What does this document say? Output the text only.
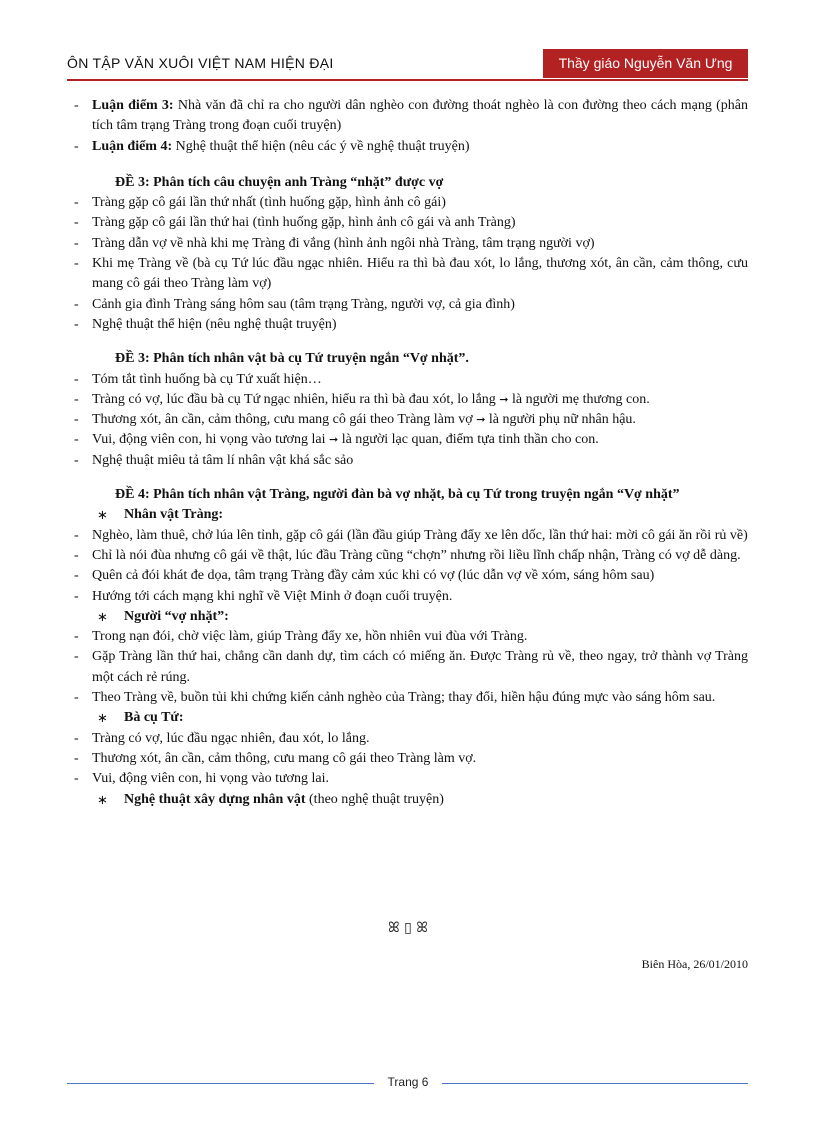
ÔN TẬP VĂN XUÔI VIỆT NAM HIỆN ĐẠI	Thầy giáo Nguyễn Văn Ưng

- Luận điểm 3: Nhà văn đã chỉ ra cho người dân nghèo con đường thoát nghèo là con đường theo cách mạng (phân tích tâm trạng Tràng trong đoạn cuối truyện)

- Luận điểm 4: Nghệ thuật thể hiện (nêu các ý về nghệ thuật truyện)

ĐỀ 3: Phân tích câu chuyện anh Tràng “nhặt” được vợ

- Tràng gặp cô gái lần thứ nhất (tình huống gặp, hình ảnh cô gái)

- Tràng gặp cô gái lần thứ hai (tình huống gặp, hình ảnh cô gái và anh Tràng)

- Tràng dẫn vợ về nhà khi mẹ Tràng đi vắng (hình ảnh ngôi nhà Tràng, tâm trạng người vợ)

- Khi mẹ Tràng về (bà cụ Tứ lúc đầu ngạc nhiên. Hiểu ra thì bà đau xót, lo lắng, thương xót, ân cần, cảm thông, cưu mang cô gái theo Tràng làm vợ)

- Cảnh gia đình Tràng sáng hôm sau (tâm trạng Tràng, người vợ, cả gia đình)

- Nghệ thuật thể hiện (nêu nghệ thuật truyện)

ĐỀ 3: Phân tích nhân vật bà cụ Tứ truyện ngắn “Vợ nhặt”.

- Tóm tắt tình huống bà cụ Tứ xuất hiện…

- Tràng có vợ, lúc đầu bà cụ Tứ ngạc nhiên, hiểu ra thì bà đau xót, lo lắng ➞ là người mẹ thương con.

- Thương xót, ân cần, cảm thông, cưu mang cô gái theo Tràng làm vợ ➞ là người phụ nữ nhân hậu.

- Vui, động viên con, hi vọng vào tương lai ➞ là người lạc quan, điểm tựa tinh thần cho con.

- Nghệ thuật miêu tả tâm lí nhân vật khá sắc sảo

ĐỀ 4: Phân tích nhân vật Tràng, người đàn bà vợ nhặt, bà cụ Tứ trong truyện ngắn “Vợ nhặt”

∗ Nhân vật Tràng:

- Nghèo, làm thuê, chở lúa lên tỉnh, gặp cô gái (lần đầu giúp Tràng đẩy xe lên dốc, lần thứ hai: mời cô gái ăn rồi rủ về)

- Chỉ là nói đùa nhưng cô gái về thật, lúc đầu Tràng cũng “chợn” nhưng rồi liều lĩnh chấp nhận, Tràng có vợ dễ dàng.

- Quên cả đói khát đe dọa, tâm trạng Tràng đầy cảm xúc khi có vợ (lúc dẫn vợ về xóm, sáng hôm sau)

- Hướng tới cách mạng khi nghĩ về Việt Minh ở đoạn cuối truyện.

∗ Người “vợ nhặt”:

- Trong nạn đói, chờ việc làm, giúp Tràng đẩy xe, hồn nhiên vui đùa với Tràng.

- Gặp Tràng lần thứ hai, chẳng cần danh dự, tìm cách có miếng ăn. Được Tràng rủ về, theo ngay, trở thành vợ Tràng một cách rẻ rúng.

- Theo Tràng về, buồn tủi khi chứng kiến cảnh nghèo của Tràng; thay đổi, hiền hậu đúng mực vào sáng hôm sau.

∗ Bà cụ Tứ:

- Tràng có vợ, lúc đầu ngạc nhiên, đau xót, lo lắng.

- Thương xót, ân cần, cảm thông, cưu mang cô gái theo Tràng làm vợ.

- Vui, động viên con, hi vọng vào tương lai.

∗ Nghệ thuật xây dựng nhân vật (theo nghệ thuật truyện)

ꕤ ▯ ꕤ
Biên Hòa, 26/01/2010
Trang 6
